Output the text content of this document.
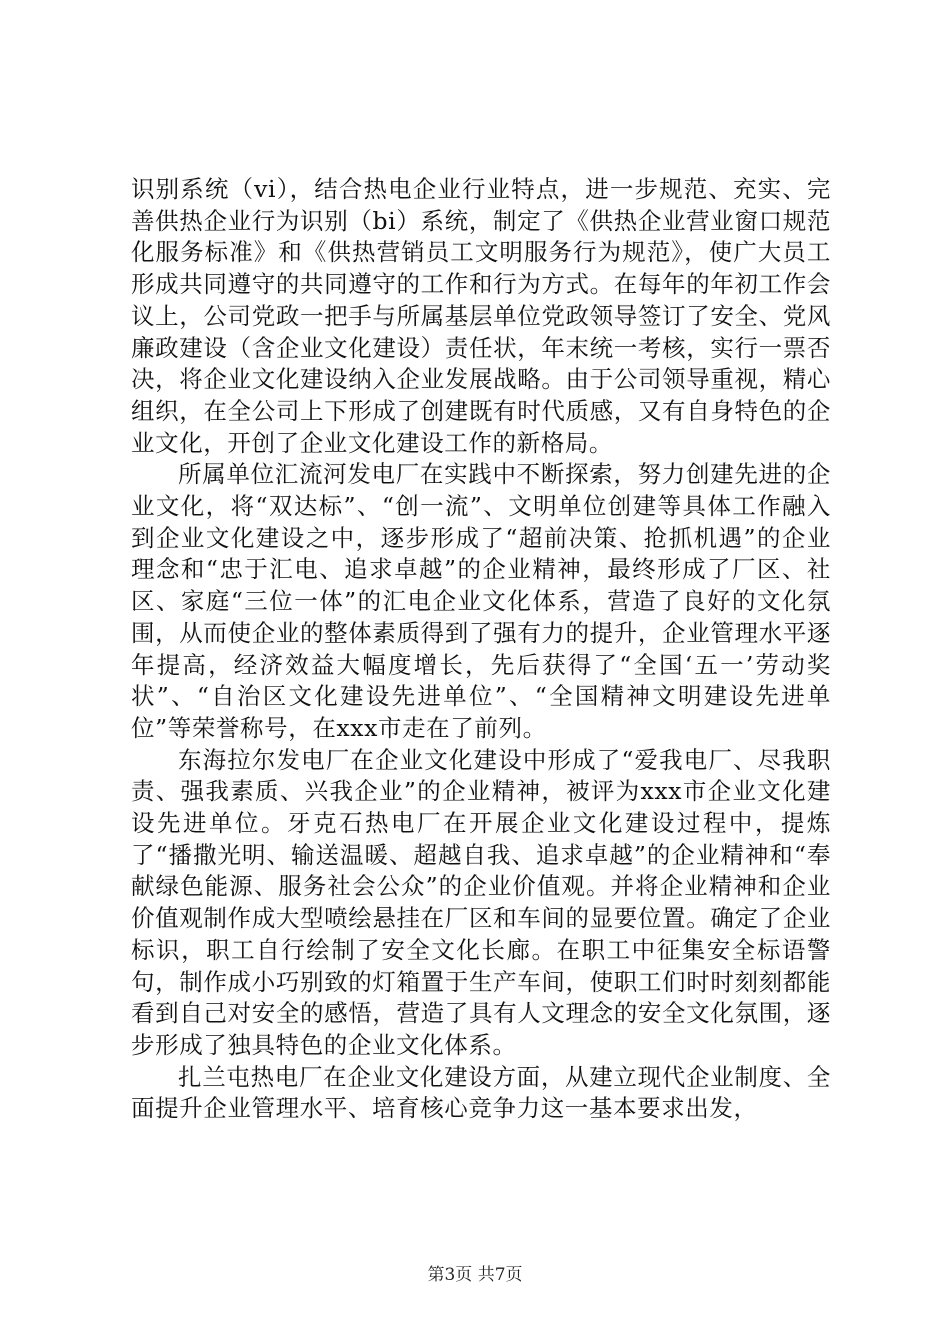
识别系统（vi），结合热电企业行业特点，进一步规范、充实、完善供热企业行为识别（bi）系统，制定了《供热企业营业窗口规范化服务标准》和《供热营销员工文明服务行为规范》，使广大员工形成共同遵守的共同遵守的工作和行为方式。在每年的年初工作会议上，公司党政一把手与所属基层单位党政领导签订了安全、党风廉政建设（含企业文化建设）责任状，年末统一考核，实行一票否决，将企业文化建设纳入企业发展战略。由于公司领导重视，精心组织，在全公司上下形成了创建既有时代质感，又有自身特色的企业文化，开创了企业文化建设工作的新格局。

所属单位汇流河发电厂在实践中不断探索，努力创建先进的企业文化，将“双达标”、“创一流”、文明单位创建等具体工作融入到企业文化建设之中，逐步形成了“超前决策、抢抓机遇”的企业理念和“忠于汇电、追求卓越”的企业精神，最终形成了厂区、社区、家庭“三位一体”的汇电企业文化体系，营造了良好的文化氛围，从而使企业的整体素质得到了强有力的提升，企业管理水平逐年提高，经济效益大幅度增长，先后获得了“全国‘五一’劳动奖状”、“自治区文化建设先进单位”、“全国精神文明建设先进单位”等荣誉称号，在xxx市走在了前列。

东海拉尔发电厂在企业文化建设中形成了“爱我电厂、尽我职责、强我素质、兴我企业”的企业精神，被评为xxx市企业文化建设先进单位。牙克石热电厂在开展企业文化建设过程中，提炼了“播撒光明、输送温暖、超越自我、追求卓越”的企业精神和“奉献绿色能源、服务社会公众”的企业价值观。并将企业精神和企业价值观制作成大型喷绘悬挂在厂区和车间的显要位置。确定了企业标识，职工自行绘制了安全文化长廊。在职工中征集安全标语警句，制作成小巧别致的灯箱置于生产车间，使职工们时时刻刻都能看到自己对安全的感悟，营造了具有人文理念的安全文化氛围，逐步形成了独具特色的企业文化体系。

扎兰屯热电厂在企业文化建设方面，从建立现代企业制度、全面提升企业管理水平、培育核心竞争力这一基本要求出发，

第3页 共7页
